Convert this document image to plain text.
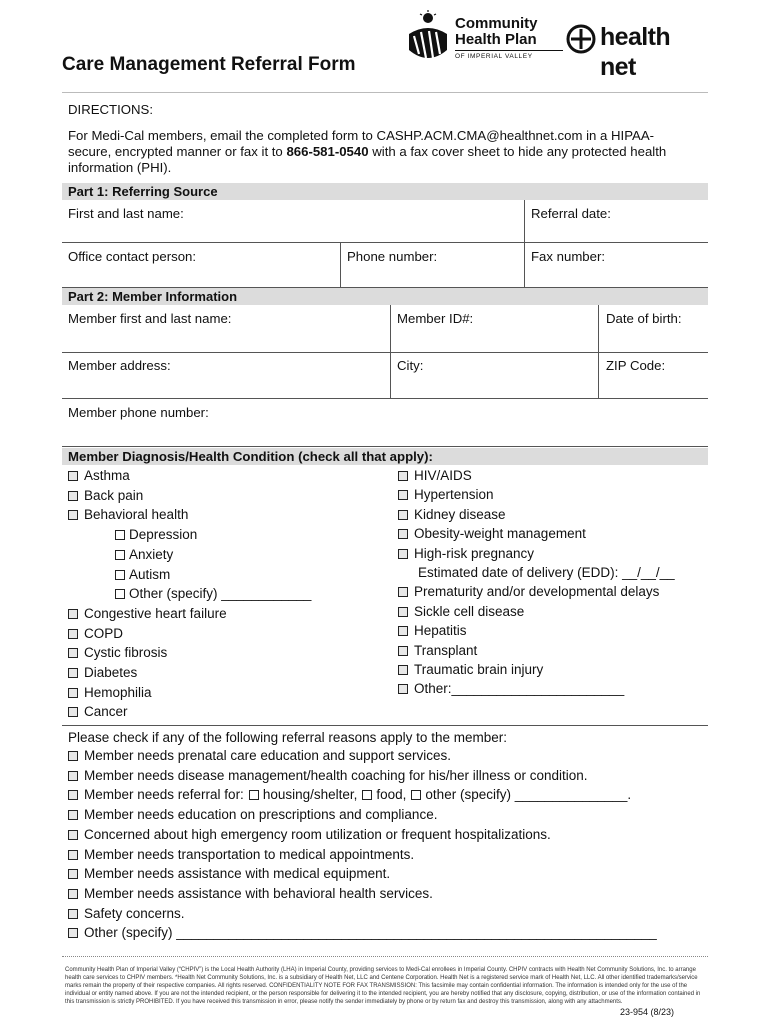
Community
Health Plan
OF IMPERIAL VALLEY
health net
Care Management Referral Form
DIRECTIONS:
For Medi-Cal members, email the completed form to CASHP.ACM.CMA@healthnet.com in a HIPAA-
secure, encrypted manner or fax it to 866-581-0540 with a fax cover sheet to hide any protected health
information (PHI).
Part 1: Referring Source
First and last name:	Referral date:
Office contact person:	Phone number:	Fax number:
Part 2: Member Information
Member first and last name:	Member ID#:	Date of birth:
Member address:	City:	ZIP Code:
Member phone number:
Member Diagnosis/Health Condition (check all that apply):
Asthma
Back pain
Behavioral health
Depression
Anxiety
Autism
Other (specify) ____________
Congestive heart failure
COPD
Cystic fibrosis
Diabetes
Hemophilia
Cancer
HIV/AIDS
Hypertension
Kidney disease
Obesity-weight management
High-risk pregnancy
Estimated date of delivery (EDD): __/__/__
Prematurity and/or developmental delays
Sickle cell disease
Hepatitis
Transplant
Traumatic brain injury
Other:_______________________
Please check if any of the following referral reasons apply to the member:
Member needs prenatal care education and support services.
Member needs disease management/health coaching for his/her illness or condition.
Member needs referral for: housing/shelter, food, other (specify) _______________.
Member needs education on prescriptions and compliance.
Concerned about high emergency room utilization or frequent hospitalizations.
Member needs transportation to medical appointments.
Member needs assistance with medical equipment.
Member needs assistance with behavioral health services.
Safety concerns.
Other (specify) ________________________________________________________________
Community Health Plan of Imperial Valley (“CHPIV”) is the Local Health Authority (LHA) in Imperial County, providing services to Medi-Cal enrollees in Imperial County. CHPIV contracts with Health Net Community Solutions, Inc. to arrange health care services to CHPIV members. *Health Net Community Solutions, Inc. is a subsidiary of Health Net, LLC and Centene Corporation. Health Net is a registered service mark of Health Net, LLC. All other identified trademarks/service marks remain the property of their respective companies. All rights reserved. CONFIDENTIALITY NOTE FOR FAX TRANSMISSION: This facsimile may contain confidential information. The information is intended only for the use of the individual or entity named above. If you are not the intended recipient, or the person responsible for delivering it to the intended recipient, you are hereby notified that any disclosure, copying, distribution, or use of the information contained in this transmission is strictly PROHIBITED. If you have received this transmission in error, please notify the sender immediately by phone or by return fax and destroy this transmission, along with any attachments.
23-954 (8/23)
